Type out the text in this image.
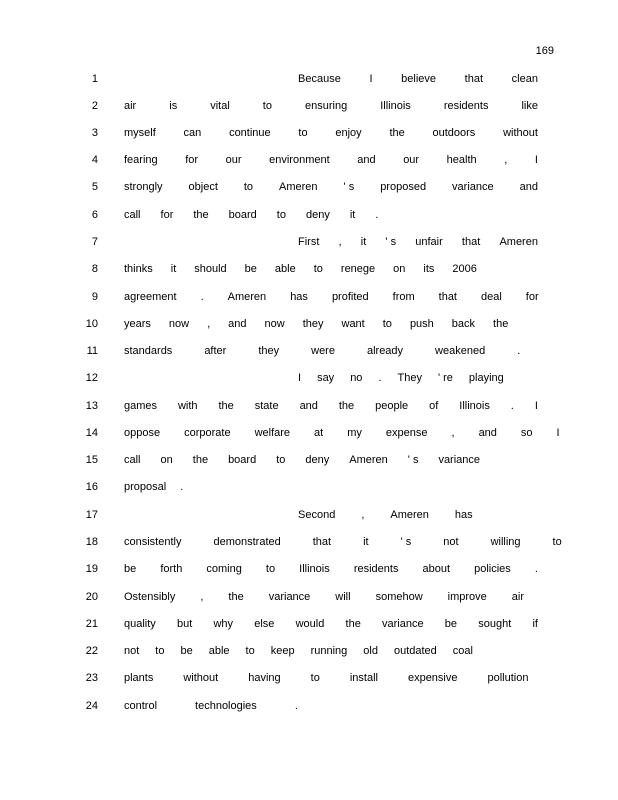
169
1	Because	I	believe	that	clean
2 air	is	vital	to	ensuring	Illinois	residents	like
3 myself	can	continue	to	enjoy	the	outdoors	without
4 fearing	for	our	environment	and	our	health	,	I
5 strongly object to Ameren ' s proposed variance and
6 call for the board to deny it .
7	First , it ' s unfair that Ameren
8 thinks it should be able to renege on its 2006
9 agreement . Ameren has profited from that deal for
10 years now , and now they want to push back the
11 standards	after	they	were	already	weakened	.
12	I say no . They ' re playing
13 games with the state and the people of Illinois . I
14 oppose corporate welfare at my expense , and so I
15 call on the board to deny Ameren ' s variance
16 proposal .
17	Second , Ameren has
18 consistently	demonstrated	that	it	' s	not	willing	to
19 be forth coming to Illinois residents about policies .
20 Ostensibly , the variance will somehow improve air
21 quality but why else would the variance be sought if
22 not to be able to keep running old outdated coal
23 plants	without	having	to	install	expensive	pollution
24 control	technologies	.
